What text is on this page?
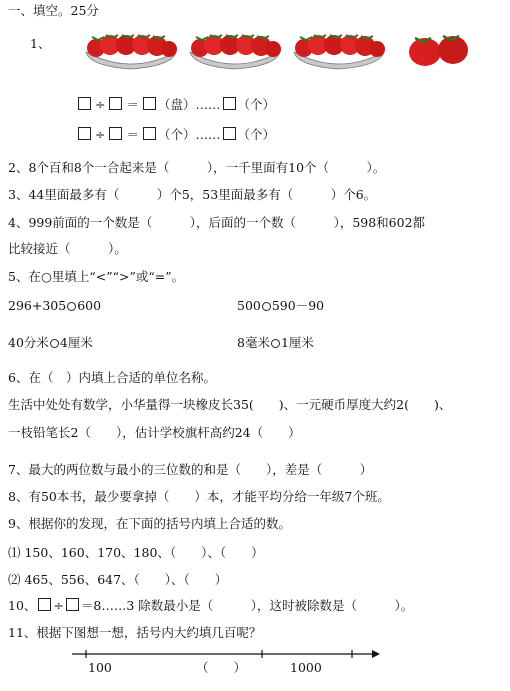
一、填空。25分
1、
÷ ＝ （盘）…… （个）
÷ ＝ （个）…… （个）
2、8个百和8个一合起来是（　　　），一千里面有10个（　　　）。
3、44里面最多有（　　　）个5，53里面最多有（　　　）个6。
4、999前面的一个数是（　　　），后面的一个数（　　　），598和602都
比较接近（　　　）。
5、在○里填上“<”“>”或“=”。
296+305 600	500 590－90
40分米 4厘米	8毫米 1厘米
6、在（　）内填上合适的单位名称。
生活中处处有数学，小华量得一块橡皮长35(　　)、一元硬币厚度大约2(　　)、
一枝铅笔长2（　　），估计学校旗杆高约24（　　）
7、最大的两位数与最小的三位数的和是（　　），差是（　　　）
8、有50本书，最少要拿掉（　　）本，才能平均分给一年级7个班。
9、根据你的发现，在下面的括号内填上合适的数。
⑴ 150、160、170、180、（　　）、（　　）
⑵ 465、556、647、（　　）、（　　）
10、 ÷ ＝8……3 除数最小是（　　　），这时被除数是（　　　）。
11、根据下图想一想，括号内大约填几百呢？
100	（　　）	1000
